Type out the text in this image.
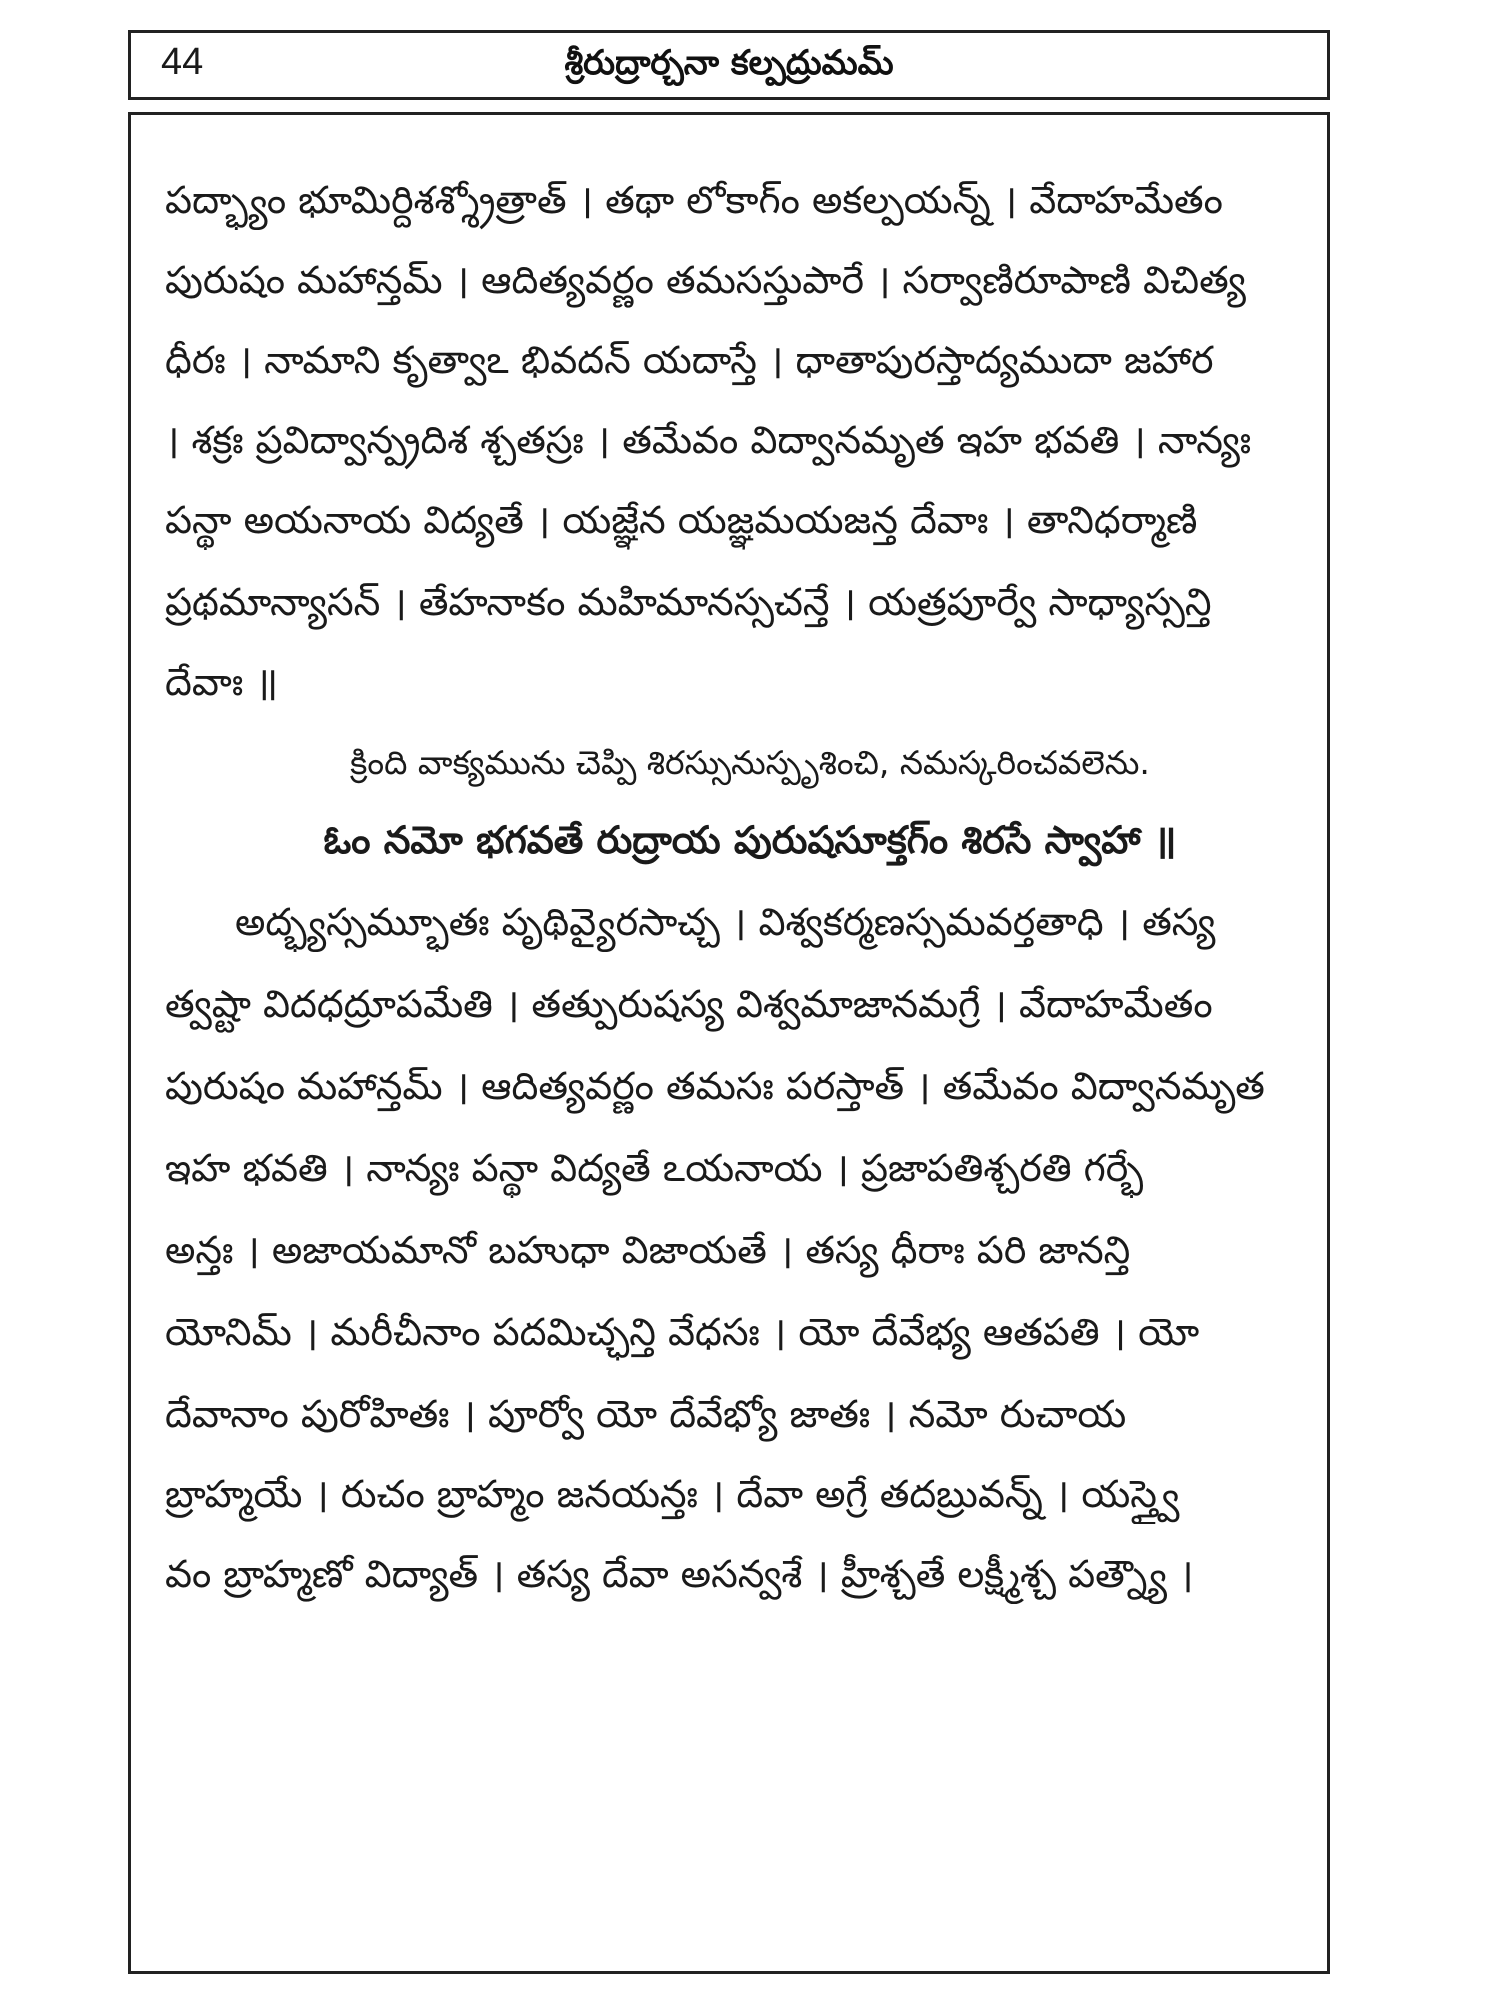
44	శ్రీరుద్రార్చనా కల్పద్రుమమ్
పద్భ్యాం భూమిర్దిశశ్శ్రోత్రాత్ । తథా లోకాగ్ం అకల్పయన్న్ । వేదాహమేతం
పురుషం మహాన్తమ్ । ఆదిత్యవర్ణం తమసస్తుపారే । సర్వాణిరూపాణి విచిత్య
ధీరః । నామాని కృత్వాఽ భివదన్ యదాస్తే । ధాతాపురస్తాద్యముదా జహార
। శక్రః ప్రవిద్వాన్ప్రదిశ శ్చతస్రః । తమేవం విద్వానమృత ఇహ భవతి । నాన్యః
పన్థా అయనాయ విద్యతే । యజ్ఞేన యజ్ఞమయజన్త దేవాః । తానిధర్మాణి
ప్రథమాన్యాసన్ । తేహనాకం మహిమానస్సచన్తే । యత్రపూర్వే సాధ్యాస్సన్తి
దేవాః ॥
క్రింది వాక్యమును చెప్పి శిరస్సునుస్పృశించి, నమస్కరించవలెను.
ఓం నమో భగవతే రుద్రాయ పురుషసూక్తగ్ం శిరసే స్వాహా ॥
అద్భ్యస్సమ్భూతః పృథివ్యైరసాచ్చ । విశ్వకర్మణస్సమవర్తతాధి । తస్య
త్వష్టా విదధద్రూపమేతి । తత్పురుషస్య విశ్వమాజానమగ్రే । వేదాహమేతం
పురుషం మహాన్తమ్ । ఆదిత్యవర్ణం తమసః పరస్తాత్ । తమేవం విద్వానమృత
ఇహ భవతి । నాన్యః పన్థా విద్యతే ఽయనాయ । ప్రజాపతిశ్చరతి గర్భే
అన్తః । అజాయమానో బహుధా విజాయతే । తస్య ధీరాః పరి జానన్తి
యోనిమ్ । మరీచీనాం పదమిచ్ఛన్తి వేధసః । యో దేవేభ్య ఆతపతి । యో
దేవానాం పురోహితః । పూర్వో యో దేవేభ్యో జాతః । నమో రుచాయ
బ్రాహ్మయే । రుచం బ్రాహ్మం జనయన్తః । దేవా అగ్రే తదబ్రువన్న్ । యస్త్వై
వం బ్రాహ్మణో విద్యాత్ । తస్య దేవా అసన్వశే । హ్రీశ్చతే లక్ష్మీశ్చ పత్న్యౌ ।
